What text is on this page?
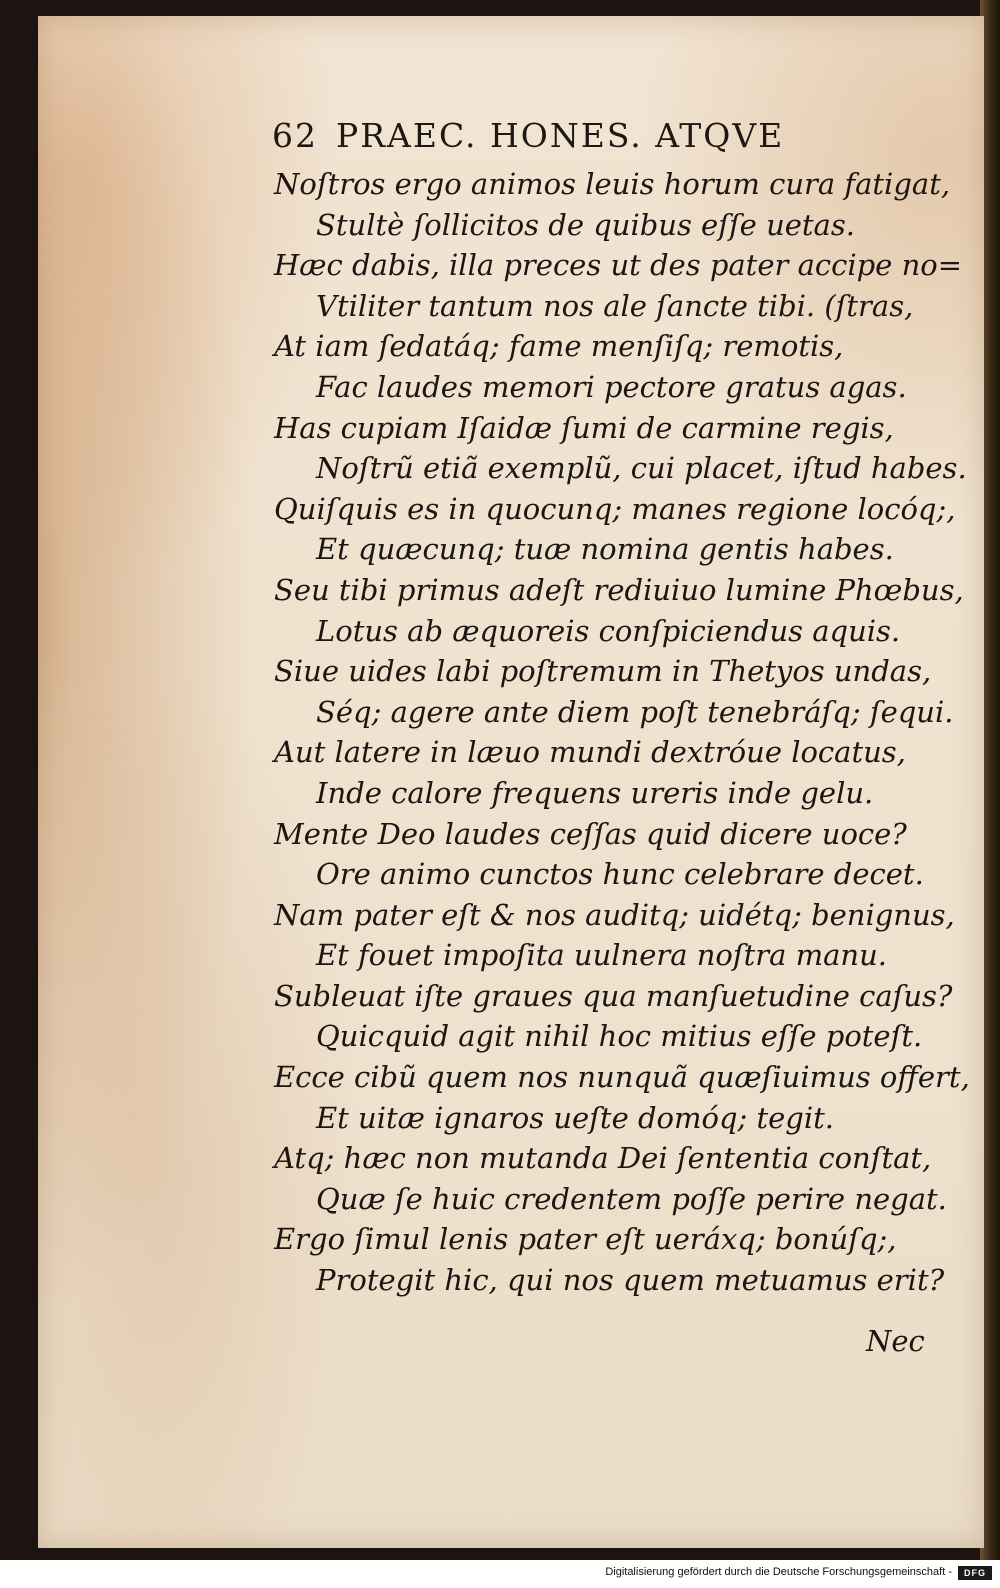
62 PRAEC. HONES. ATQVE
Noſtros ergo animos leuis horum cura fatigat,
Stultè ſollicitos de quibus eſſe uetas.
Hæc dabis, illa preces ut des pater accipe no=
Vtiliter tantum nos ale ſancte tibi. (ſtras,
At iam ſedatáq; fame menſiſq; remotis,
Fac laudes memori pectore gratus agas.
Has cupiam Iſaidæ ſumi de carmine regis,
Noſtrũ etiã exemplũ, cui placet, iſtud habes.
Quiſquis es in quocunq; manes regione locóq;,
Et quæcunq; tuæ nomina gentis habes.
Seu tibi primus adeſt rediuiuo lumine Phœbus,
Lotus ab æquoreis conſpiciendus aquis.
Siue uides labi poſtremum in Thetyos undas,
Séq; agere ante diem poſt tenebráſq; ſequi.
Aut latere in læuo mundi dextróue locatus,
Inde calore frequens ureris inde gelu.
Mente Deo laudes ceſſas quid dicere uoce?
Ore animo cunctos hunc celebrare decet.
Nam pater eſt & nos auditq; uidétq; benignus,
Et fouet impoſita uulnera noſtra manu.
Subleuat iſte graues qua manſuetudine caſus?
Quicquid agit nihil hoc mitius eſſe poteſt.
Ecce cibũ quem nos nunquã quæſiuimus offert,
Et uitæ ignaros ueſte domóq; tegit.
Atq; hæc non mutanda Dei ſententia conſtat,
Quæ ſe huic credentem poſſe perire negat.
Ergo ſimul lenis pater eſt ueráxq; bonúſq;,
Protegit hic, qui nos quem metuamus erit?
Nec
Digitalisierung gefördert durch die Deutsche Forschungsgemeinschaft -	DFG
